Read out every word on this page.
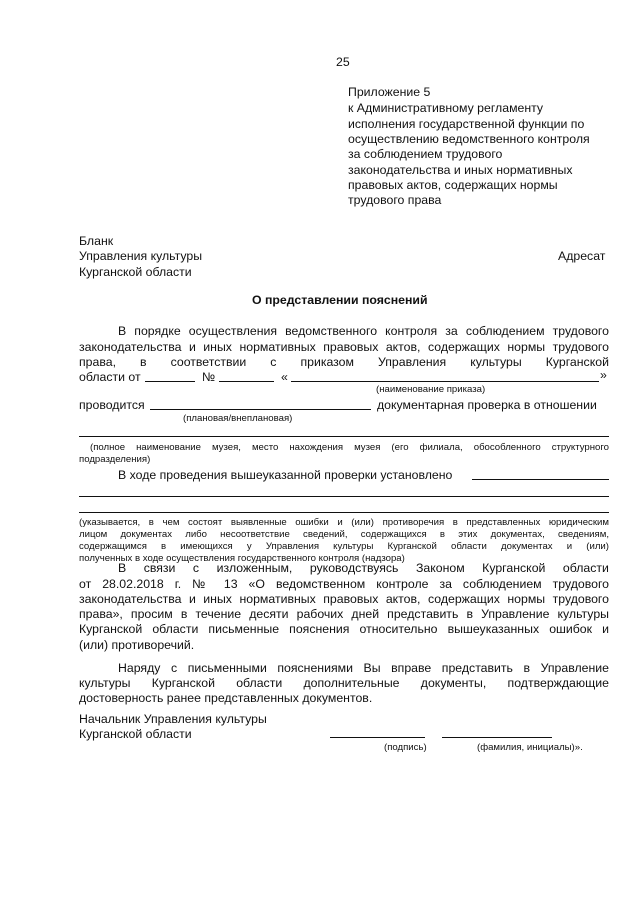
25
Приложение 5
к Административному регламенту
исполнения государственной функции по
осуществлению ведомственного контроля
за соблюдением трудового
законодательства и иных нормативных
правовых актов, содержащих нормы
трудового права
Бланк
Управления культуры
Курганской области
Адресат
О представлении пояснений
В порядке осуществления ведомственного контроля за соблюдением трудового
законодательства и иных нормативных правовых актов, содержащих нормы трудового
права, в соответствии с приказом Управления культуры Курганской
области от	№	«	»
(наименование приказа)
проводится	документарная проверка в отношении
(плановая/внеплановая)
(полное наименование музея, место нахождения музея (его филиала, обособленного структурного
подразделения)
В ходе проведения вышеуказанной проверки установлено
(указывается, в чем состоят выявленные ошибки и (или) противоречия в представленных юридическим
лицом документах либо несоответствие сведений, содержащихся в этих документах, сведениям,
содержащимся в имеющихся у Управления культуры Курганской области документах и (или)
полученных в ходе осуществления государственного контроля (надзора)
В связи с изложенным, руководствуясь Законом Курганской области
от 28.02.2018 г. № 13 «О ведомственном контроле за соблюдением трудового
законодательства и иных нормативных правовых актов, содержащих нормы трудового
права», просим в течение десяти рабочих дней представить в Управление культуры
Курганской области письменные пояснения относительно вышеуказанных ошибок и
(или) противоречий.
Наряду с письменными пояснениями Вы вправе представить в Управление
культуры Курганской области дополнительные документы, подтверждающие
достоверность ранее представленных документов.
Начальник Управления культуры
Курганской области
(подпись)	(фамилия, инициалы)».
